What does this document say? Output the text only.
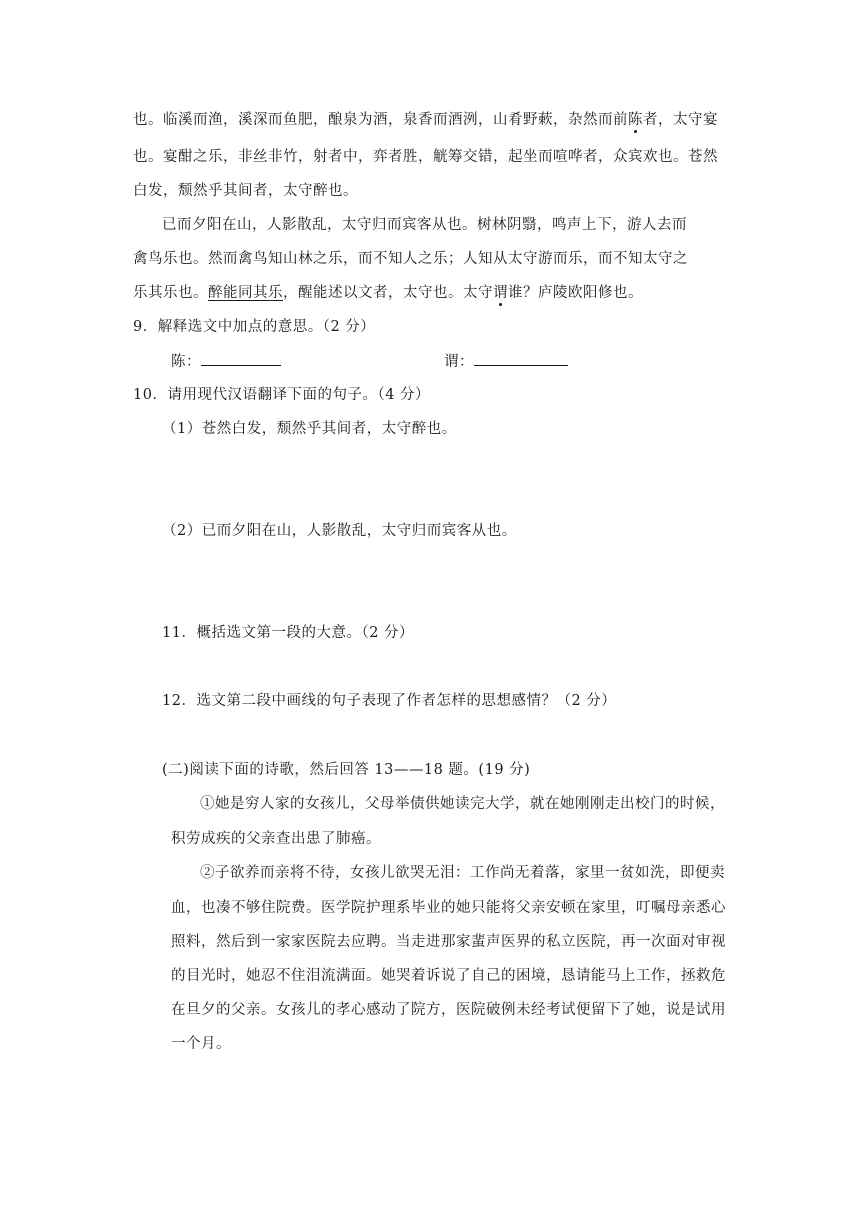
也。临溪而渔，溪深而鱼肥，酿泉为酒，泉香而酒洌，山肴野蔌，杂然而前陈者，太守宴
也。宴酣之乐，非丝非竹，射者中，弈者胜，觥筹交错，起坐而喧哗者，众宾欢也。苍然
白发，颓然乎其间者，太守醉也。
已而夕阳在山，人影散乱，太守归而宾客从也。树林阴翳，鸣声上下，游人去而
禽鸟乐也。然而禽鸟知山林之乐，而不知人之乐；人知从太守游而乐，而不知太守之
乐其乐也。醉能同其乐，醒能述以文者，太守也。太守谓谁？庐陵欧阳修也。
9．解释选文中加点的意思。（2 分）
陈：	谓：
10．请用现代汉语翻译下面的句子。（4 分）
（1）苍然白发，颓然乎其间者，太守醉也。
（2）已而夕阳在山，人影散乱，太守归而宾客从也。
11．概括选文第一段的大意。（2 分）
12．选文第二段中画线的句子表现了作者怎样的思想感情？（2 分）
(二)阅读下面的诗歌，然后回答 13——18 题。(19 分)
①她是穷人家的女孩儿，父母举债供她读完大学，就在她刚刚走出校门的时候，
积劳成疾的父亲查出患了肺癌。
②子欲养而亲将不待，女孩儿欲哭无泪：工作尚无着落，家里一贫如洗，即便卖
血，也凑不够住院费。医学院护理系毕业的她只能将父亲安顿在家里，叮嘱母亲悉心
照料，然后到一家家医院去应聘。当走进那家蜚声医界的私立医院，再一次面对审视
的目光时，她忍不住泪流满面。她哭着诉说了自己的困境，恳请能马上工作，拯救危
在旦夕的父亲。女孩儿的孝心感动了院方，医院破例未经考试便留下了她，说是试用
一个月。
